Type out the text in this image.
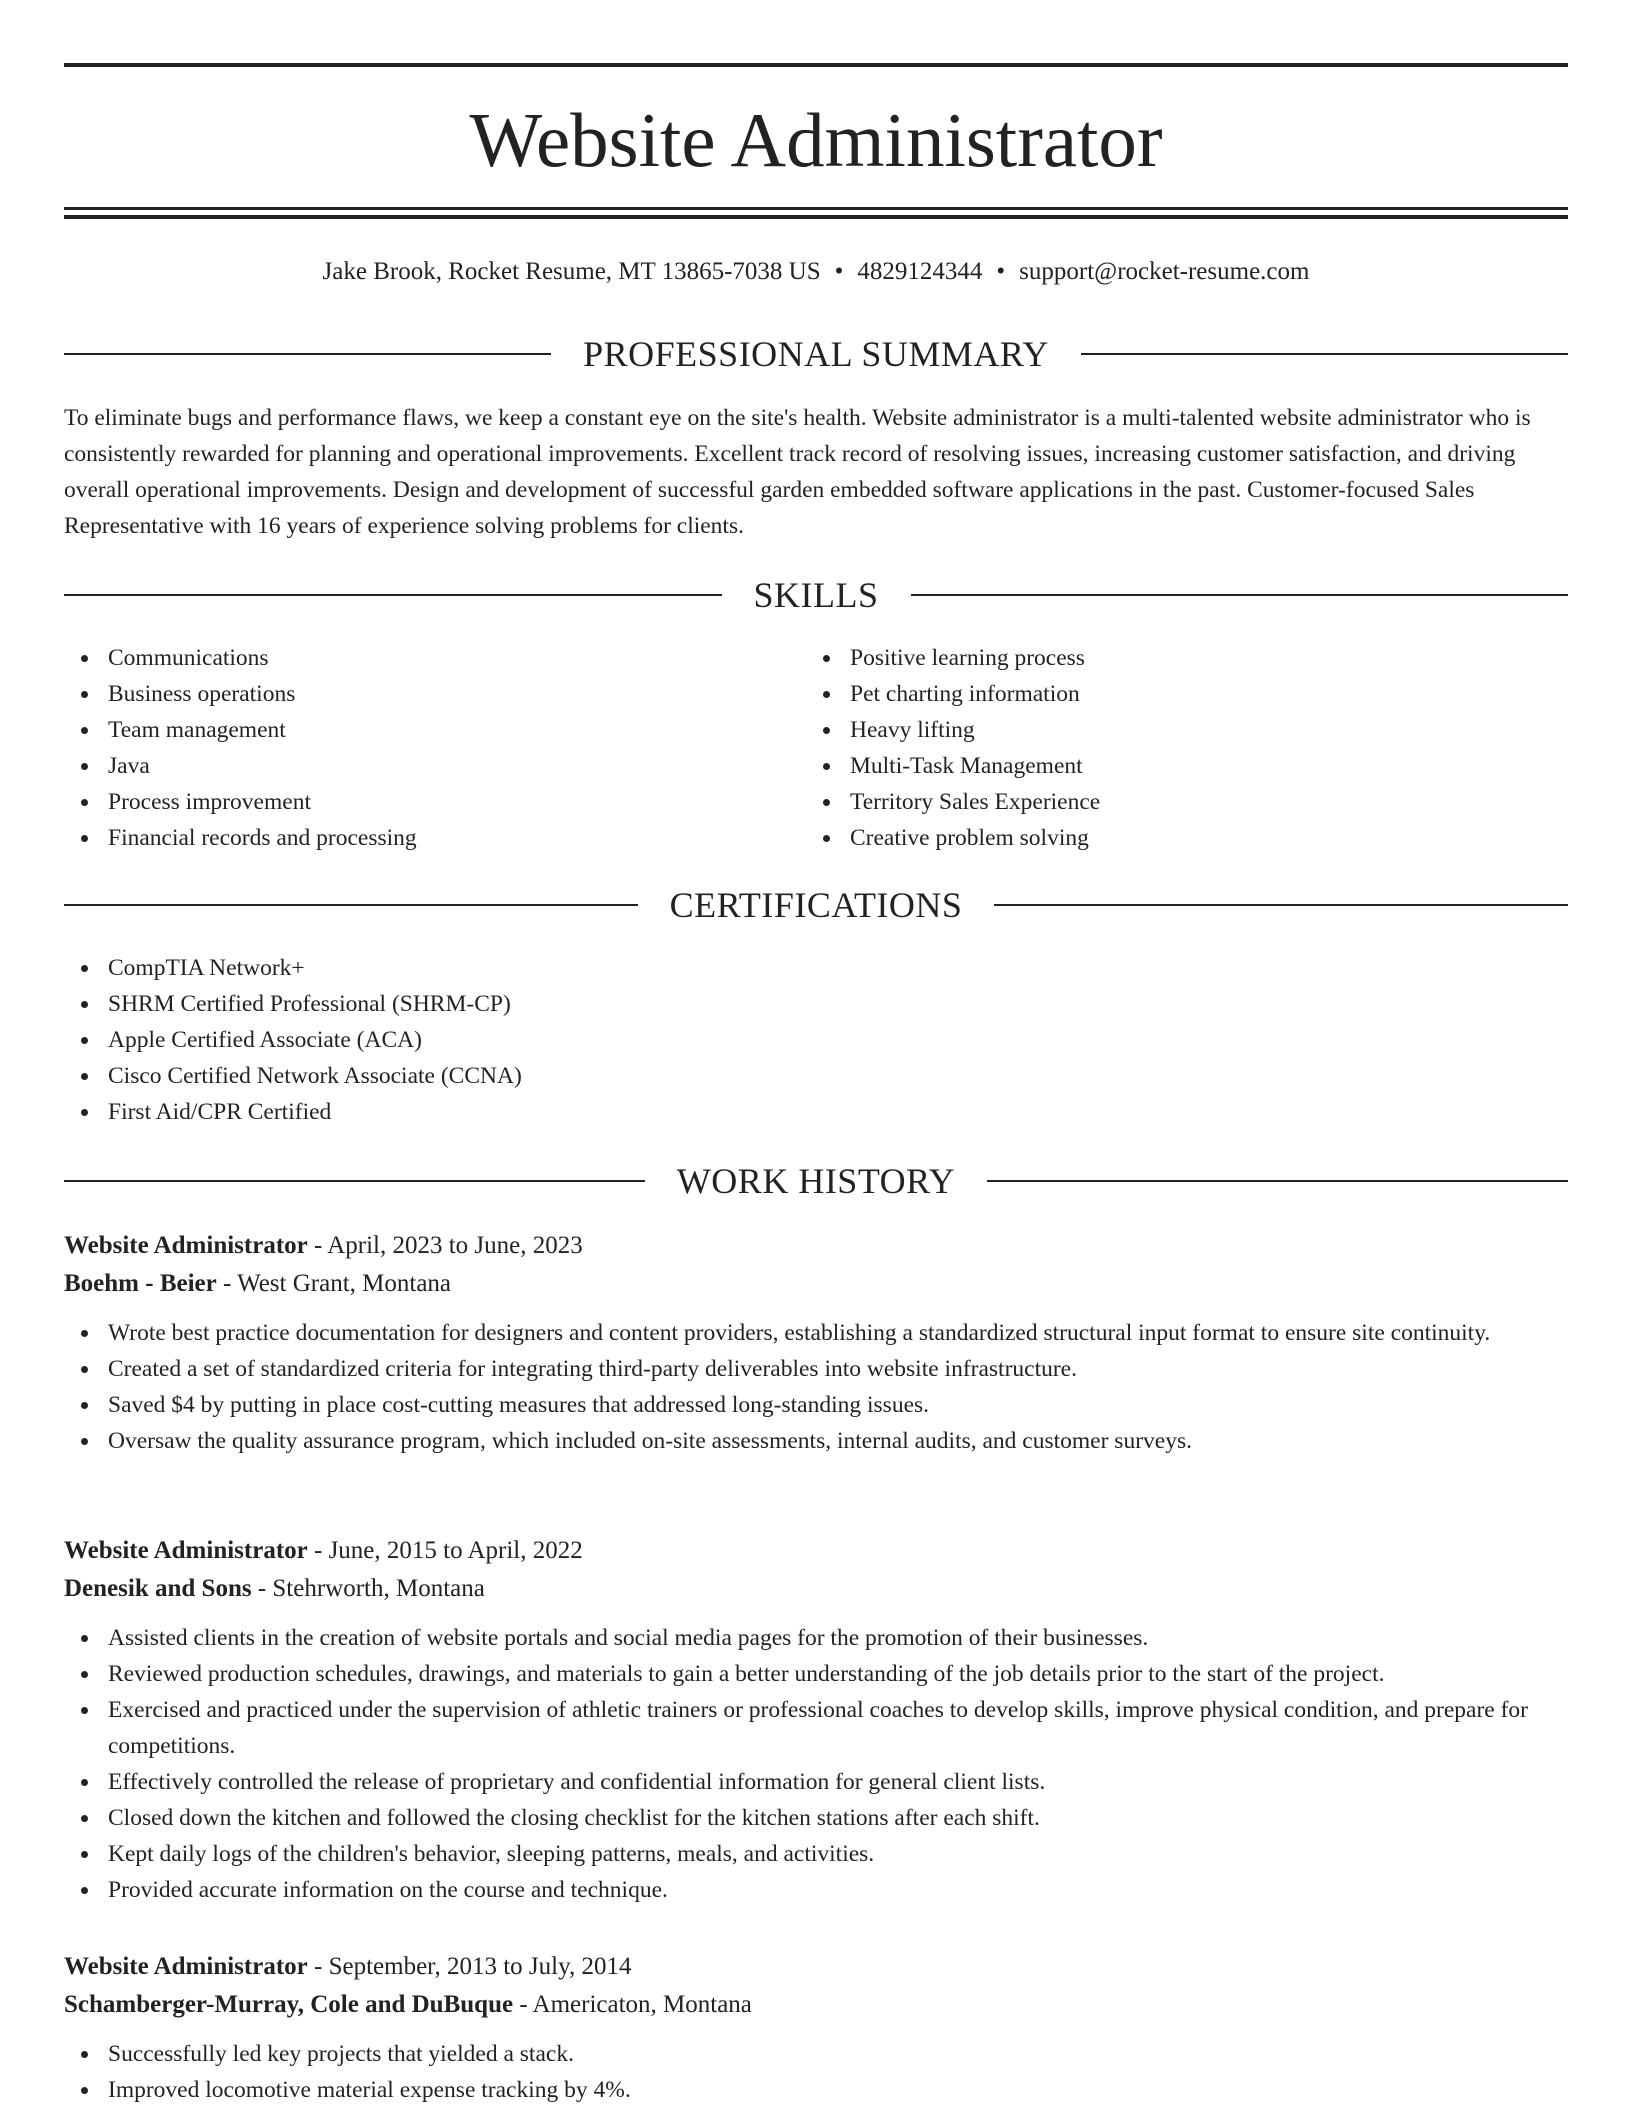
Website Administrator
Jake Brook, Rocket Resume, MT 13865-7038 US • 4829124344 • support@rocket-resume.com
PROFESSIONAL SUMMARY

To eliminate bugs and performance flaws, we keep a constant eye on the site's health. Website administrator is a multi-talented website administrator who is consistently rewarded for planning and operational improvements. Excellent track record of resolving issues, increasing customer satisfaction, and driving overall operational improvements. Design and development of successful garden embedded software applications in the past. Customer-focused Sales Representative with 16 years of experience solving problems for clients.

SKILLS
Communications
Business operations
Team management
Java
Process improvement
Financial records and processing
Positive learning process
Pet charting information
Heavy lifting
Multi-Task Management
Territory Sales Experience
Creative problem solving
CERTIFICATIONS
CompTIA Network+
SHRM Certified Professional (SHRM-CP)
Apple Certified Associate (ACA)
Cisco Certified Network Associate (CCNA)
First Aid/CPR Certified
WORK HISTORY
Website Administrator - April, 2023 to June, 2023
Boehm - Beier - West Grant, Montana
Wrote best practice documentation for designers and content providers, establishing a standardized structural input format to ensure site continuity.
Created a set of standardized criteria for integrating third-party deliverables into website infrastructure.
Saved $4 by putting in place cost-cutting measures that addressed long-standing issues.
Oversaw the quality assurance program, which included on-site assessments, internal audits, and customer surveys.
Website Administrator - June, 2015 to April, 2022
Denesik and Sons - Stehrworth, Montana
Assisted clients in the creation of website portals and social media pages for the promotion of their businesses.
Reviewed production schedules, drawings, and materials to gain a better understanding of the job details prior to the start of the project.
Exercised and practiced under the supervision of athletic trainers or professional coaches to develop skills, improve physical condition, and prepare for competitions.
Effectively controlled the release of proprietary and confidential information for general client lists.
Closed down the kitchen and followed the closing checklist for the kitchen stations after each shift.
Kept daily logs of the children's behavior, sleeping patterns, meals, and activities.
Provided accurate information on the course and technique.
Website Administrator - September, 2013 to July, 2014
Schamberger-Murray, Cole and DuBuque - Americaton, Montana
Successfully led key projects that yielded a stack.
Improved locomotive material expense tracking by 4%.
